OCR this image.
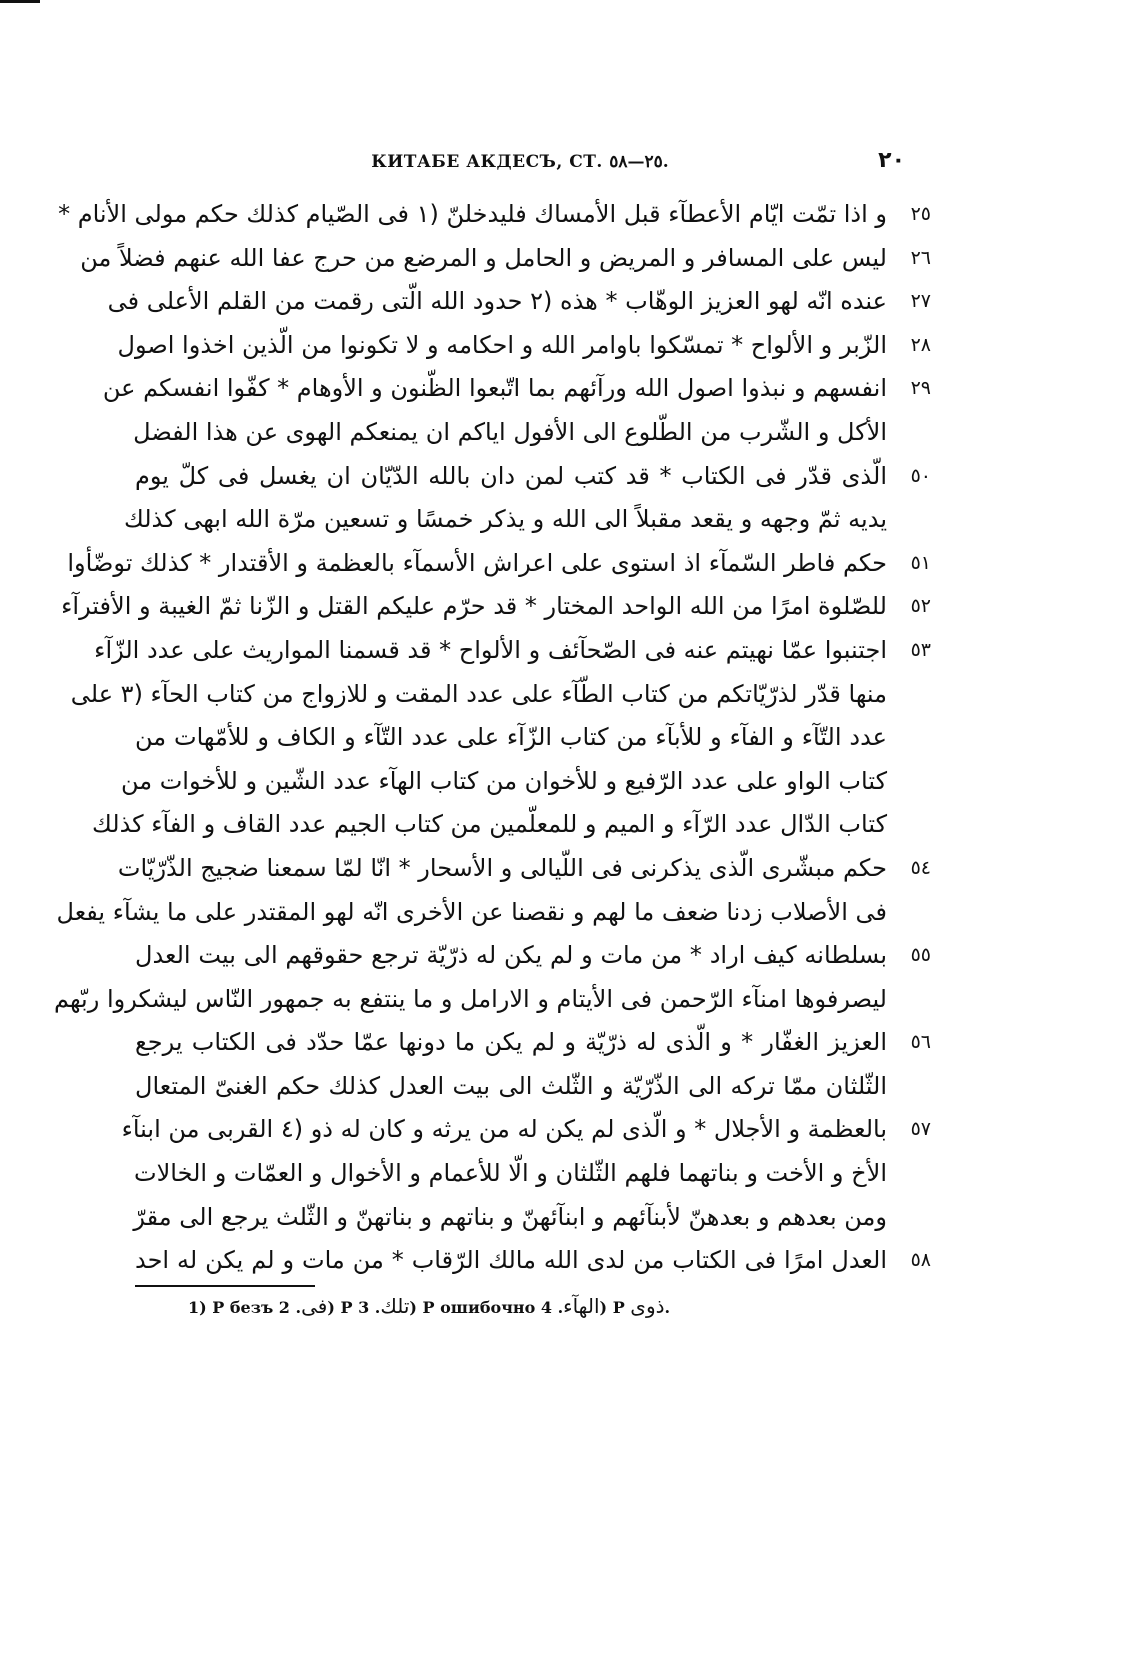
КИТАБЕ АКДЕСЪ, СТ. ٢٥—٥٨.	٢٠
٢٥
و اذا تمّت ايّام الأعطآء قبل الأمساك فليدخلنّ (١ فى الصّيام كذلك حكم مولى الأنام *
٢٦
ليس على المسافر و المريض و الحامل و المرضع من حرج عفا الله عنهم فضلاً من
٢٧
عنده انّه لهو العزيز الوهّاب * هذه (٢ حدود الله الّتى رقمت من القلم الأعلى فى
٢٨
الزّبر و الألواح * تمسّكوا باوامر الله و احكامه و لا تكونوا من الّذين اخذوا اصول
٢٩
انفسهم و نبذوا اصول الله ورآئهم بما اتّبعوا الظّنون و الأوهام * كفّوا انفسكم عن
الأكل و الشّرب من الطّلوع الى الأفول اياكم ان يمنعكم الهوى عن هذا الفضل
٥٠
الّذى قدّر فى الكتاب * قد كتب لمن دان بالله الدّيّان ان يغسل فى كلّ يوم
يديه ثمّ وجهه و يقعد مقبلاً الى الله و يذكر خمسًا و تسعين مرّة الله ابهى كذلك
٥١
حكم فاطر السّمآء اذ استوى على اعراش الأسمآء بالعظمة و الأقتدار * كذلك توضّأوا
٥٢
للصّلوة امرًا من الله الواحد المختار * قد حرّم عليكم القتل و الزّنا ثمّ الغيبة و الأفترآء
٥٣
اجتنبوا عمّا نهيتم عنه فى الصّحآئف و الألواح * قد قسمنا المواريث على عدد الزّآء
منها قدّر لذرّيّاتكم من كتاب الطّآء على عدد المقت و للازواج من كتاب الحآء (٣ على
عدد التّآء و الفآء و للأبآء من كتاب الزّآء على عدد التّآء و الكاف و للأمّهات من
كتاب الواو على عدد الرّفيع و للأخوان من كتاب الهآء عدد الشّين و للأخوات من
كتاب الدّال عدد الرّآء و الميم و للمعلّمين من كتاب الجيم عدد القاف و الفآء كذلك
٥٤
حكم مبشّرى الّذى يذكرنى فى اللّيالى و الأسحار * انّا لمّا سمعنا ضجيج الذّرّيّات
فى الأصلاب زدنا ضعف ما لهم و نقصنا عن الأخرى انّه لهو المقتدر على ما يشآء يفعل
٥٥
بسلطانه كيف اراد * من مات و لم يكن له ذرّيّة ترجع حقوقهم الى بيت العدل
ليصرفوها امنآء الرّحمن فى الأيتام و الارامل و ما ينتفع به جمهور النّاس ليشكروا ربّهم
٥٦
العزيز الغفّار * و الّذى له ذرّيّة و لم يكن ما دونها عمّا حدّد فى الكتاب يرجع
الثّلثان ممّا تركه الى الذّرّيّة و الثّلث الى بيت العدل كذلك حكم الغنىّ المتعال
٥٧
بالعظمة و الأجلال * و الّذى لم يكن له من يرثه و كان له ذو (٤ القربى من ابنآء
الأخ و الأخت و بناتهما فلهم الثّلثان و الّا للأعمام و الأخوال و العمّات و الخالات
ومن بعدهم و بعدهنّ لأبنآئهم و ابنآئهنّ و بناتهم و بناتهنّ و الثّلث يرجع الى مقرّ
٥٨
العدل امرًا فى الكتاب من لدى الله مالك الرّقاب * من مات و لم يكن له احد
1) Р безъ فى. 2) Р تلك. 3) Р ошибочно الهآء. 4) Р ذوى.
